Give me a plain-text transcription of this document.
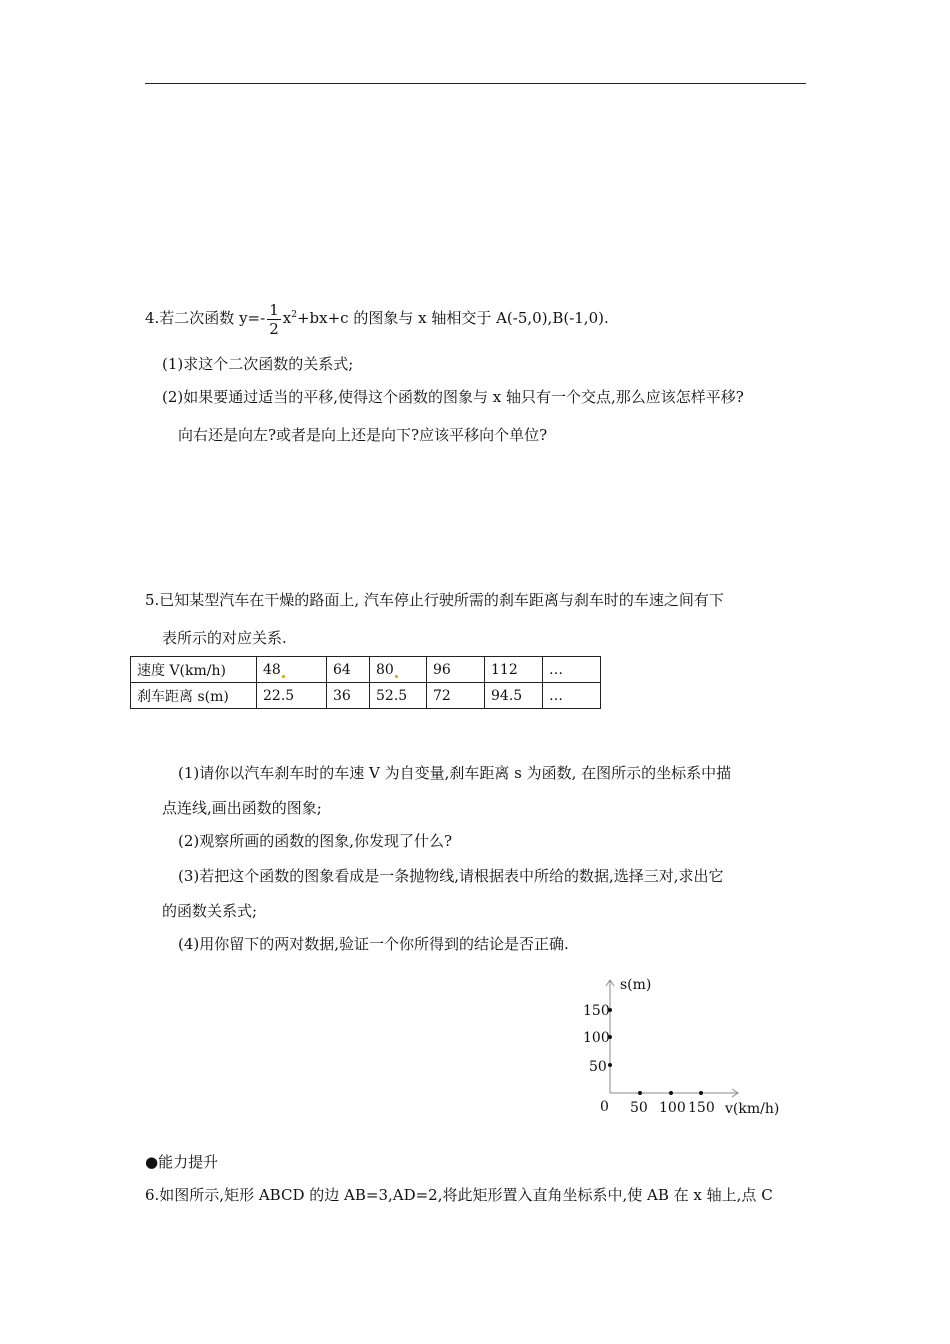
4.若二次函数 $y=- \frac{1}{2} x^2+bx+c$ 的图象与 x 轴相交于 A(-5,0),B(-1,0).
(1)求这个二次函数的关系式;
(2)如果要通过适当的平移,使得这个函数的图象与 x 轴只有一个交点,那么应该怎样平移?
向右还是向左?或者是向上还是向下?应该平移向个单位?
5.已知某型汽车在干燥的路面上, 汽车停止行驶所需的刹车距离与刹车时的车速之间有下
表所示的对应关系.
速度 V(km/h)	48	64	80	96	112	…
刹车距离 s(m)	22.5	36	52.5	72	94.5	…
(1)请你以汽车刹车时的车速 V 为自变量,刹车距离 s 为函数, 在图所示的坐标系中描
点连线,画出函数的图象;
(2)观察所画的函数的图象,你发现了什么?
(3)若把这个函数的图象看成是一条抛物线,请根据表中所给的数据,选择三对,求出它
的函数关系式;
(4)用你留下的两对数据,验证一个你所得到的结论是否正确.
s(m)
150
100
50
0 50 100 150 v(km/h)
●能力提升
6.如图所示,矩形 ABCD 的边 AB=3,AD=2,将此矩形置入直角坐标系中,使 AB 在 x 轴上,点 C
